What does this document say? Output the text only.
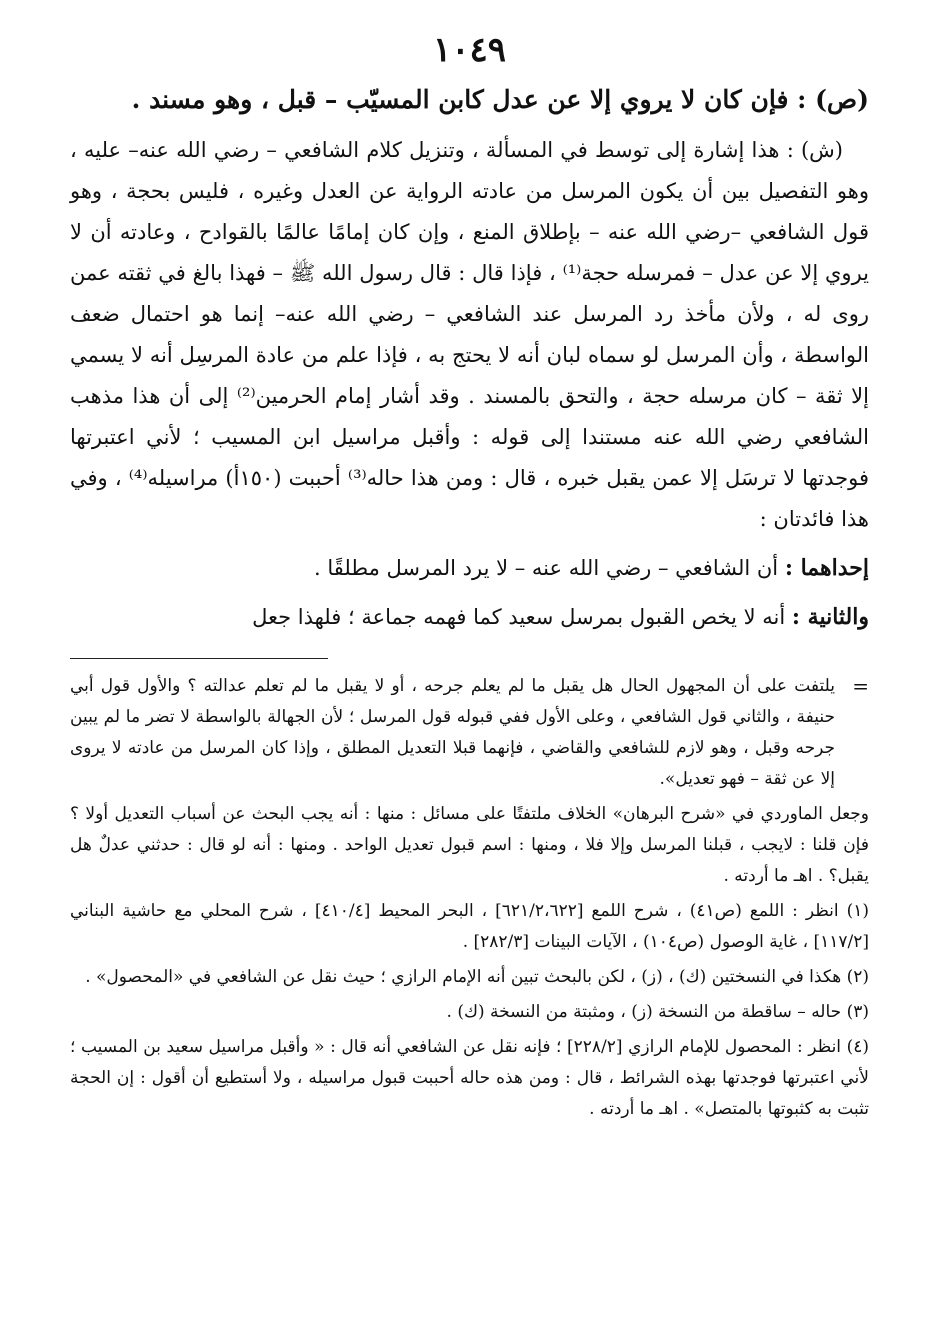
١٠٤٩

(ص) : فإن كان لا يروي إلا عن عدل كابن المسيّب – قبل ، وهو مسند .

(ش) : هذا إشارة إلى توسط في المسألة ، وتنزيل كلام الشافعي – رضي الله عنه– عليه ، وهو التفصيل بين أن يكون المرسل من عادته الرواية عن العدل وغيره ، فليس بحجة ، وهو قول الشافعي –رضي الله عنه – بإطلاق المنع ، وإن كان إمامًا عالمًا بالقوادح ، وعادته أن لا يروي إلا عن عدل – فمرسله حجة⁽¹⁾ ، فإذا قال : قال رسول الله ﷺ – فهذا بالغ في ثقته عمن روى له ، ولأن مأخذ رد المرسل عند الشافعي – رضي الله عنه– إنما هو احتمال ضعف الواسطة ، وأن المرسل لو سماه لبان أنه لا يحتج به ، فإذا علم من عادة المرسِل أنه لا يسمي إلا ثقة – كان مرسله حجة ، والتحق بالمسند . وقد أشار إمام الحرمين⁽²⁾ إلى أن هذا مذهب الشافعي رضي الله عنه مستندا إلى قوله : وأقبل مراسيل ابن المسيب ؛ لأني اعتبرتها فوجدتها لا ترسَل إلا عمن يقبل خبره ، قال : ومن هذا حاله⁽³⁾ أحببت (١٥٠أ) مراسيله⁽⁴⁾ ، وفي هذا فائدتان :

إحداهما : أن الشافعي – رضي الله عنه – لا يرد المرسل مطلقًا .

والثانية : أنه لا يخص القبول بمرسل سعيد كما فهمه جماعة ؛ فلهذا جعل

=
يلتفت على أن المجهول الحال هل يقبل ما لم يعلم جرحه ، أو لا يقبل ما لم تعلم عدالته ؟ والأول قول أبي حنيفة ، والثاني قول الشافعي ، وعلى الأول ففي قبوله قول المرسل ؛ لأن الجهالة بالواسطة لا تضر ما لم يبين جرحه وقبل ، وهو لازم للشافعي والقاضي ، فإنهما قبلا التعديل المطلق ، وإذا كان المرسل من عادته لا يروى إلا عن ثقة – فهو تعديل».

وجعل الماوردي في «شرح البرهان» الخلاف ملتفتًا على مسائل : منها : أنه يجب البحث عن أسباب التعديل أولا ؟ فإن قلنا : لايجب ، قبلنا المرسل وإلا فلا ، ومنها : اسم قبول تعديل الواحد . ومنها : أنه لو قال : حدثني عدلٌ هل يقبل؟ . اهـ ما أردته .

(١) انظر : اللمع (ص٤١) ، شرح اللمع [٦٢١/٢،٦٢٢] ، البحر المحيط [٤١٠/٤] ، شرح المحلي مع حاشية البناني [١١٧/٢] ، غاية الوصول (ص١٠٤) ، الآيات البينات [٢٨٢/٣] .

(٢) هكذا في النسختين (ك) ، (ز) ، لكن بالبحث تبين أنه الإمام الرازي ؛ حيث نقل عن الشافعي في «المحصول» .

(٣) حاله – ساقطة من النسخة (ز) ، ومثبتة من النسخة (ك) .

(٤) انظر : المحصول للإمام الرازي [٢٢٨/٢] ؛ فإنه نقل عن الشافعي أنه قال : « وأقبل مراسيل سعيد بن المسيب ؛ لأني اعتبرتها فوجدتها بهذه الشرائط ، قال : ومن هذه حاله أحببت قبول مراسيله ، ولا أستطيع أن أقول : إن الحجة تثبت به كثبوتها بالمتصل» . اهـ ما أردته .
